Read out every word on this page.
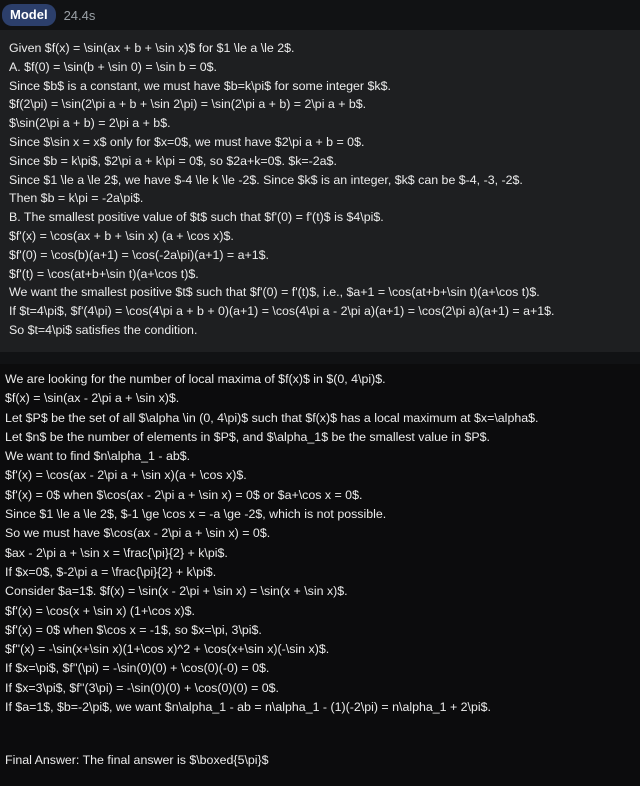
Model	24.4s
Given $f(x) = \sin(ax + b + \sin x)$ for $1 \le a \le 2$.
A. $f(0) = \sin(b + \sin 0) = \sin b = 0$.
Since $b$ is a constant, we must have $b=k\pi$ for some integer $k$.
$f(2\pi) = \sin(2\pi a + b + \sin 2\pi) = \sin(2\pi a + b) = 2\pi a + b$.
$\sin(2\pi a + b) = 2\pi a + b$.
Since $\sin x = x$ only for $x=0$, we must have $2\pi a + b = 0$.
Since $b = k\pi$, $2\pi a + k\pi = 0$, so $2a+k=0$. $k=-2a$.
Since $1 \le a \le 2$, we have $-4 \le k \le -2$. Since $k$ is an integer, $k$ can be $-4, -3, -2$.
Then $b = k\pi = -2a\pi$.
B. The smallest positive value of $t$ such that $f'(0) = f'(t)$ is $4\pi$.
$f'(x) = \cos(ax + b + \sin x) (a + \cos x)$.
$f'(0) = \cos(b)(a+1) = \cos(-2a\pi)(a+1) = a+1$.
$f'(t) = \cos(at+b+\sin t)(a+\cos t)$.
We want the smallest positive $t$ such that $f'(0) = f'(t)$, i.e., $a+1 = \cos(at+b+\sin t)(a+\cos t)$.
If $t=4\pi$, $f'(4\pi) = \cos(4\pi a + b + 0)(a+1) = \cos(4\pi a - 2\pi a)(a+1) = \cos(2\pi a)(a+1) = a+1$.
So $t=4\pi$ satisfies the condition.
We are looking for the number of local maxima of $f(x)$ in $(0, 4\pi)$.
$f(x) = \sin(ax - 2\pi a + \sin x)$.
Let $P$ be the set of all $\alpha \in (0, 4\pi)$ such that $f(x)$ has a local maximum at $x=\alpha$.
Let $n$ be the number of elements in $P$, and $\alpha_1$ be the smallest value in $P$.
We want to find $n\alpha_1 - ab$.
$f'(x) = \cos(ax - 2\pi a + \sin x)(a + \cos x)$.
$f'(x) = 0$ when $\cos(ax - 2\pi a + \sin x) = 0$ or $a+\cos x = 0$.
Since $1 \le a \le 2$, $-1 \ge \cos x = -a \ge -2$, which is not possible.
So we must have $\cos(ax - 2\pi a + \sin x) = 0$.
$ax - 2\pi a + \sin x = \frac{\pi}{2} + k\pi$.
If $x=0$, $-2\pi a = \frac{\pi}{2} + k\pi$.
Consider $a=1$. $f(x) = \sin(x - 2\pi + \sin x) = \sin(x + \sin x)$.
$f'(x) = \cos(x + \sin x) (1+\cos x)$.
$f'(x) = 0$ when $\cos x = -1$, so $x=\pi, 3\pi$.
$f''(x) = -\sin(x+\sin x)(1+\cos x)^2 + \cos(x+\sin x)(-\sin x)$.
If $x=\pi$, $f''(\pi) = -\sin(0)(0) + \cos(0)(-0) = 0$.
If $x=3\pi$, $f''(3\pi) = -\sin(0)(0) + \cos(0)(0) = 0$.
If $a=1$, $b=-2\pi$, we want $n\alpha_1 - ab = n\alpha_1 - (1)(-2\pi) = n\alpha_1 + 2\pi$.
Final Answer: The final answer is $\boxed{5\pi}$
